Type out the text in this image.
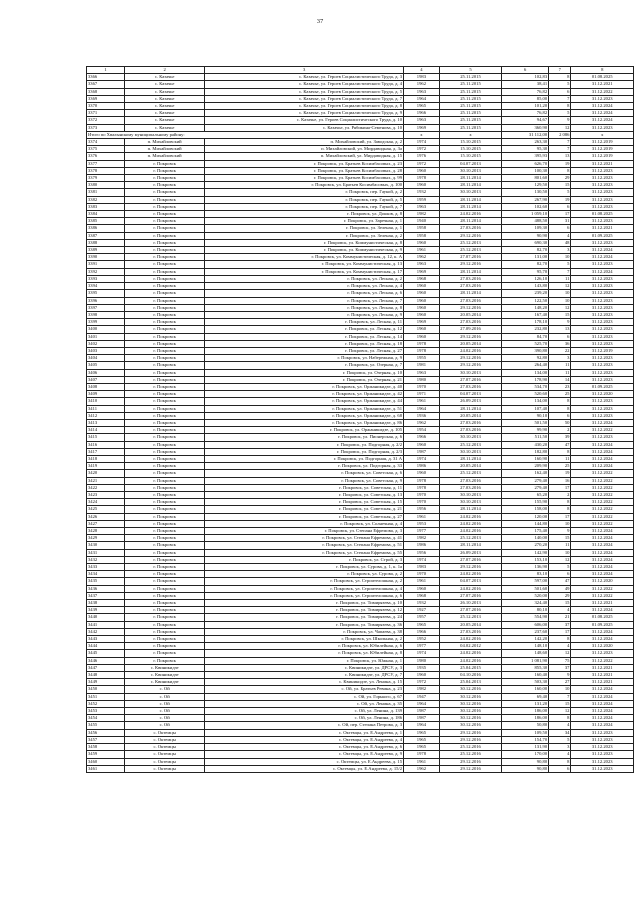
37
1	2	3	4	5	6	7	8
3366	с. Казачье	с. Казачье, ул. Героев Социалистического Труда, д. 3	1983	25.11.2015	102,83	8	01.08.2025
3367	с. Казачье	с. Казачье, ул. Героев Социалистического Труда, д. 4	1962	25.11.2015	38,41	5	31.12.2021
3368	с. Казачье	с. Казачье, ул. Героев Социалистического Труда, д. 5	1963	25.11.2015	76,82	6	31.12.2022
3369	с. Казачье	с. Казачье, ул. Героев Социалистического Труда, д. 7	1964	25.11.2015	85,00	7	31.12.2023
3370	с. Казачье	с. Казачье, ул. Героев Социалистического Труда, д. 8	1965	25.11.2015	101,20	8	31.12.2024
3371	с. Казачье	с. Казачье, ул. Героев Социалистического Труда, д. 9	1966	25.11.2015	76,82	5	31.12.2024
3372	с. Казачье	с. Казачье, ул. Героев Социалистического Труда, д. 10	1963	25.11.2015	94,67	9	31.12.2024
3373	с. Казачье	с. Казачье, ул. Рябикина-Семенова, д. 10	1969	25.11.2015	360,90	12	31.12.2023
Итого по Хвалынскому муниципальному району:			x	x	31 112,00	2 086	x
3374	п. Михайловский	п. Михайловский, ул. Заводская, д. 2	1974	15.10.2015	263,30	7	31.12.2019
3375	п. Михайловский	п. Михайловский, ул. Мирдавидная, д. 3а	1972	15.10.2015	95,30	7	31.12.2019
3376	п. Михайловский	п. Михайловский, ул. Мирдавидная, д. 15	1976	15.10.2015	395,93	13	31.12.2019
3377	г. Покровск	г. Покровск, ул. Братьев Косимбасовых, д. 23	1972	04.07.2013	626,70	19	31.12.2021
3378	г. Покровск	г. Покровск, ул. Братьев Косимбасовых, д. 28	1960	30.10.2013	100,30	8	31.12.2023
3379	г. Покровск	г. Покровск, ул. Братьев Косимбасовых, д. 99	1978	28.11.2014	801,60	29	31.12.2023
3380	г. Покровск	г. Покровск, ул. Братьев Косимбасовых, д. 100	1960	28.11.2014	129,50	15	31.12.2023
3381	г. Покровск	г. Покровск, пер. Гаукой, д. 2	1932	30.10.2013	130,50	5	31.12.2023
3382	г. Покровск	г. Покровск, пер. Гаукой, д. 5	1959	28.11.2014	267,90	19	31.12.2023
3383	г. Покровск	г. Покровск, пер. Гаукой, д. 7	1963	28.11.2014	102,60	6	31.12.2023
3384	г. Покровск	г. Покровск, ул. Докков, д. 8	1982	24.02.2016	1 059,10	17	01.08.2025
3385	г. Покровск	г. Покровск, ул. Заречная, д. 1	1940	28.11.2014	488,50	31	31.12.2023
3386	г. Покровск	г. Покровск, ул. Зеленая, д. 1	1958	27.03.2016	109,30	6	31.12.2021
3387	г. Покровск	г. Покровск, ул. Зеленая, д. 2	1958	29.12.2016	90,90	4	01.09.2025
3388	г. Покровск	г. Покровск, ул. Коммунистическая, д. 8	1960	25.12.2013	690,30	48	31.12.2023
3389	г. Покровск	г. Покровск, ул. Коммунистическая, д. 9	1961	25.12.2013	82,70	3	31.12.2024
3390	г. Покровск	г. Покровск, ул. Коммунистическая, д. 12, к. А	1962	27.07.2016	131,00	10	31.12.2024
3391	г. Покровск	г. Покровск, ул. Коммунистическая, д. 13	1963	29.12.2016	82,70	5	31.12.2023
3392	г. Покровск	г. Покровск, ул. Коммунистическая, д. 17	1969	28.11.2014	95,70	7	31.12.2024
3393	г. Покровск	г. Покровск, ул. Лесная, д. 2	1968	27.03.2016	126,10	11	31.12.2023
3394	г. Покровск	г. Покровск, ул. Лесная, д. 4	1960	27.03.2016	143,80	12	31.12.2023
3395	г. Покровск	г. Покровск, ул. Лесная, д. 6	1960	28.11.2014	239,20	10	31.12.2023
3396	г. Покровск	г. Покровск, ул. Лесная, д. 7	1960	27.03.2016	122,50	10	31.12.2023
3397	г. Покровск	г. Покровск, ул. Лесная, д. 8	1960	29.12.2016	148,20	12	31.12.2023
3398	г. Покровск	г. Покровск, ул. Лесная, д. 9	1960	20.05.2014	167,40	15	31.12.2023
3399	г. Покровск	г. Покровск, ул. Лесная, д. 11	1969	27.03.2016	178,10	9	31.12.2023
3400	г. Покровск	г. Покровск, ул. Лесная, д. 12	1960	27.09.2016	232,80	13	31.12.2023
3401	г. Покровск	г. Покровск, ул. Лесная, д. 14	1960	29.12.2016	84,70	6	31.12.2023
3402	г. Покровск	г. Покровск, ул. Лесная, д. 18	1978	20.05.2014	525,70	36	31.12.2023
3403	г. Покровск	г. Покровск, ул. Лесная, д. 27	1978	24.02.2016	390,80	22	31.12.2019
3404	г. Покровск	г. Покровск, ул. Набережная, д. 9	1955	29.12.2016	92,80	3	31.12.2023
3405	г. Покровск	г. Покровск, ул. Озерная, д. 7	1981	29.12.2016	264,40	11	31.12.2023
3406	г. Покровск	г. Покровск, ул. Озерная, д. 10	1963	30.10.2013	134,00	11	31.12.2023
3407	г. Покровск	г. Покровск, ул. Озерная, д. 21	1980	27.07.2016	178,90	14	31.12.2023
3408	г. Покровск	г. Покровск, ул. Оржаникидзе, д. 40	1970	27.03.2016	534,70	23	01.09.2025
3409	г. Покровск	г. Покровск, ул. Оржаникидзе, д. 42	1971	04.07.2013	520,60	25	31.12.2020
3410	г. Покровск	г. Покровск, ул. Оржаникидзе, д. 44	1961	26.09.2013	134,00	8	31.12.2023
3411	г. Покровск	г. Покровск, ул. Оржаникидзе, д. 51	1964	28.11.2014	107,40	8	31.12.2023
3412	г. Покровск	г. Покровск, ул. Оржаникидзе, д. 68	1936	20.05.2014	90,10	6	31.12.2023
3413	г. Покровск	г. Покровск, ул. Оржаникидзе, д. 86	1962	27.03.2016	501,50	50	31.12.2024
3414	г. Покровск	г. Покровск, ул. Оржаникидзе, д. 105	1954	27.03.2016	99,90	2	31.12.2022
3415	г. Покровск	г. Покровск, ул. Пионерская, д. 6	1966	30.10.2013	511,50	39	31.12.2023
3416	г. Покровск	г. Покровск, ул. Подгорная, д. 2/2	1960	25.12.2013	430,20	47	31.12.2024
3417	г. Покровск	г. Покровск, ул. Подгорная, д. 2/3	1987	30.10.2013	182,80	8	31.12.2024
3418	г. Покровск	г. Покровск, ул. Подгорная, д. 31 А	1974	28.11.2014	160,90	11	31.12.2024
3419	г. Покровск	г. Покровск, ул. Подгорная, д. 33	1986	20.05.2014	209,90	25	31.12.2024
3420	г. Покровск	г. Покровск, ул. Советская, д. 6	1960	25.12.2013	162,40	19	31.12.2022
3421	г. Покровск	г. Покровск, ул. Советская, д. 9	1978	27.03.2016	279,40	16	31.12.2022
3422	г. Покровск	г. Покровск, ул. Советская, д. 11	1978	27.03.2016	279,40	17	31.12.2022
3423	г. Покровск	г. Покровск, ул. Советская, д. 13	1970	30.10.2013	65,20	2	31.12.2022
3424	г. Покровск	г. Покровск, ул. Советская, д. 15	1970	30.10.2013	155,90	8	31.12.2022
3425	г. Покровск	г. Покровск, ул. Советская, д. 21	1956	28.11.2014	158,00	8	31.12.2022
3426	г. Покровск	г. Покровск, ул. Советская, д. 27	1961	24.02.2016	120,00	17	31.12.2022
3427	г. Покровск	г. Покровск, ул. Солнечная, д. 4	1953	24.02.2016	144,80	10	31.12.2022
3428	г. Покровск	г. Покровск, ул. Степана Ефремова, д. 3	1977	24.02.2016	175,40	9	31.12.2024
3429	г. Покровск	г. Покровск, ул. Степана Ефремова, д. 41	1982	25.12.2013	140,00	15	31.12.2024
3430	г. Покровск	г. Покровск, ул. Степана Ефремова, д. 51	1986	28.11.2014	270,20	11	31.12.2024
3431	г. Покровск	г. Покровск, ул. Степана Ефремова, д. 55	1956	26.09.2013	142,90	10	31.12.2024
3432	г. Покровск	г. Покровск, ул. Строй, д. 3	1974	27.07.2016	153,10	12	31.12.2024
3433	г. Покровск	г. Покровск, ул. Сурова, д. 1, к. 1а	1983	29.12.2016	136,90	5	31.12.2024
3434	г. Покровск	г. Покровск, ул. Сурова, д. 2	1970	24.02.2016	83,10	6	31.12.2024
3435	г. Покровск	г. Покровск, ул. Строителошная, д. 2	1961	04.07.2013	597,00	47	31.12.2020
3436	г. Покровск	г. Покровск, ул. Строителошная, д. 4	1960	24.02.2016	501,60	49	31.12.2022
3437	г. Покровск	г. Покровск, ул. Строителошная, д. 6	1968	27.07.2016	520,00	29	31.12.2022
3438	г. Покровск	г. Покровск, ул. Тимирязева, д. 10	1932	26.10.2013	324,40	15	31.12.2021
3439	г. Покровск	г. Покровск, ул. Тимирязева, д. 12	1927	27.07.2016	80,10	4	31.12.2024
3440	г. Покровск	г. Покровск, ул. Тимирязева, д. 24	1957	25.12.2013	554,90	21	01.08.2025
3441	г. Покровск	г. Покровск, ул. Тимирязева, д. 36	1965	20.05.2014	606,00	37	01.09.2025
3442	г. Покровск	г. Покровск, ул. Чапаева, д. 38	1966	27.03.2016	237,60	17	31.12.2024
3443	г. Покровск	г. Покровск, ул. Школьная, д. 2	1952	24.02.2016	142,20	8	31.12.2024
3444	г. Покровск	г. Покровск, ул. Юбилейная, д. 6	1977	04.02.2012	148,10	4	31.12.2020
3445	г. Покровск	г. Покровск, ул. Юбилейная, д. 8	1974	24.02.2016	148,60	12	31.12.2023
3446	г. Покровск	г. Покровск, ул. Южная, д. 1	1980	24.02.2016	1 081,90	75	31.12.2022
3447	с. Квиникидзе	с. Квиникидзе, ул. ДРСУ, д. 3	1935	25.04.2015	855,30	37	31.12.2021
3448	с. Квиникидзе	с. Квиникидзе, ул. ДРСУ, д. 7	1960	04.10.2016	160,40	9	31.12.2021
3449	с. Квиникидзе	с. Квиникидзе, ул. Ленина, д. 15	1972	25.04.2013	503,30	27	31.12.2021
3450	с. Ой	с. Ой, ул. Братьев Ревина, д. 23	1982	30.12.2016	160,00	10	31.12.2024
3451	с. Ой	с. Ой, ул. Горького, д. 67	1947	30.12.2016	69,40	7	31.12.2024
3452	с. Ой	с. Ой, ул. Ленина, д. 35	1964	30.12.2016	131,20	15	31.12.2024
3453	с. Ой	с. Ой, ул. Ленина, д. 139	1987	30.12.2016	186,00	12	31.12.2024
3454	с. Ой	с. Ой, ул. Ленина, д. 186	1987	30.12.2016	186,00	8	31.12.2024
3455	с. Ой	с. Ой, пер. Степана Петрова, д. 3	1964	30.12.2016	50,80	4	31.12.2024
3456	с. Октемцы	с. Октемцы, ул. Е.Андреева, д. 1	1965	29.12.2016	109,50	34	31.12.2023
3457	с. Октемцы	с. Октемцы, ул. Е.Андреева, д. 4	1965	29.12.2016	154,70	5	31.12.2023
3458	с. Октемцы	с. Октемцы, ул. Е.Андреева, д. 6	1965	25.12.2016	131,90	3	31.12.2023
3459	с. Октемцы	с. Октемцы, ул. Е.Андреева, д. 9	1978	25.12.2016	170,00	4	31.12.2023
3460	с. Октемцы	с. Октемцы, ул. Е.Андреева, д. 15	1961	29.12.2016	90,80	8	31.12.2023
3461	с. Октемцы	с. Октемцы, ул. Е.Андреева, д. 15/2	1962	29.12.2016	90,80	6	31.12.2023
